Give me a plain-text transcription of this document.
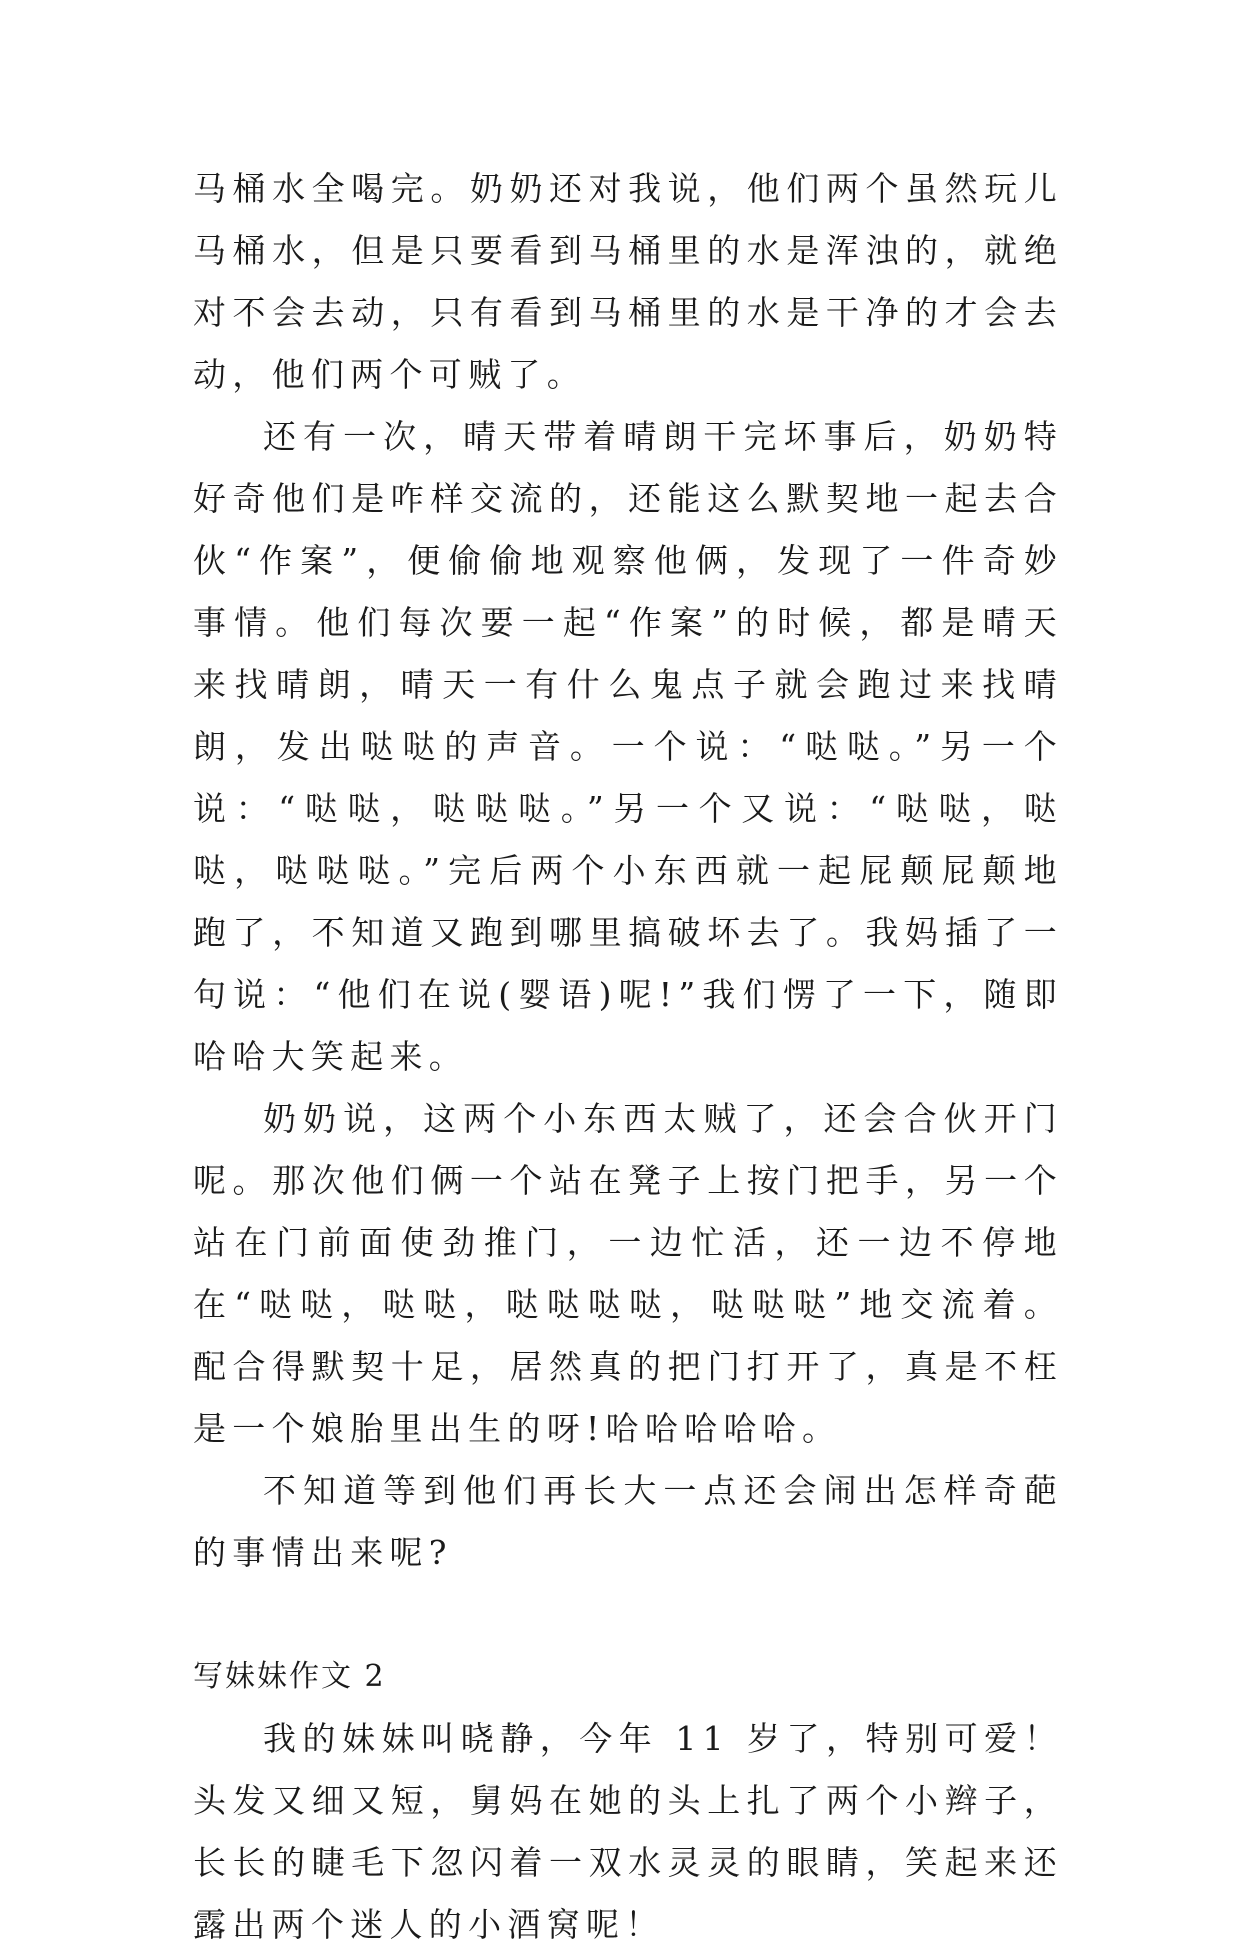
马桶水全喝完。奶奶还对我说，他们两个虽然玩儿马桶水，但是只要看到马桶里的水是浑浊的，就绝对不会去动，只有看到马桶里的水是干净的才会去动，他们两个可贼了。

还有一次，晴天带着晴朗干完坏事后，奶奶特好奇他们是咋样交流的，还能这么默契地一起去合伙“作案”，便偷偷地观察他俩，发现了一件奇妙事情。他们每次要一起“作案”的时候，都是晴天来找晴朗，晴天一有什么鬼点子就会跑过来找晴朗，发出哒哒的声音。一个说：“哒哒。”另一个说：“哒哒，哒哒哒。”另一个又说：“哒哒，哒哒，哒哒哒。”完后两个小东西就一起屁颠屁颠地跑了，不知道又跑到哪里搞破坏去了。我妈插了一句说：“他们在说(婴语)呢!”我们愣了一下，随即哈哈大笑起来。

奶奶说，这两个小东西太贼了，还会合伙开门呢。那次他们俩一个站在凳子上按门把手，另一个站在门前面使劲推门，一边忙活，还一边不停地在“哒哒，哒哒，哒哒哒哒，哒哒哒”地交流着。配合得默契十足，居然真的把门打开了，真是不枉是一个娘胎里出生的呀!哈哈哈哈哈。

不知道等到他们再长大一点还会闹出怎样奇葩的事情出来呢?

写妹妹作文 2

我的妹妹叫晓静，今年 11 岁了，特别可爱！头发又细又短，舅妈在她的头上扎了两个小辫子，长长的睫毛下忽闪着一双水灵灵的眼睛，笑起来还露出两个迷人的小酒窝呢！
